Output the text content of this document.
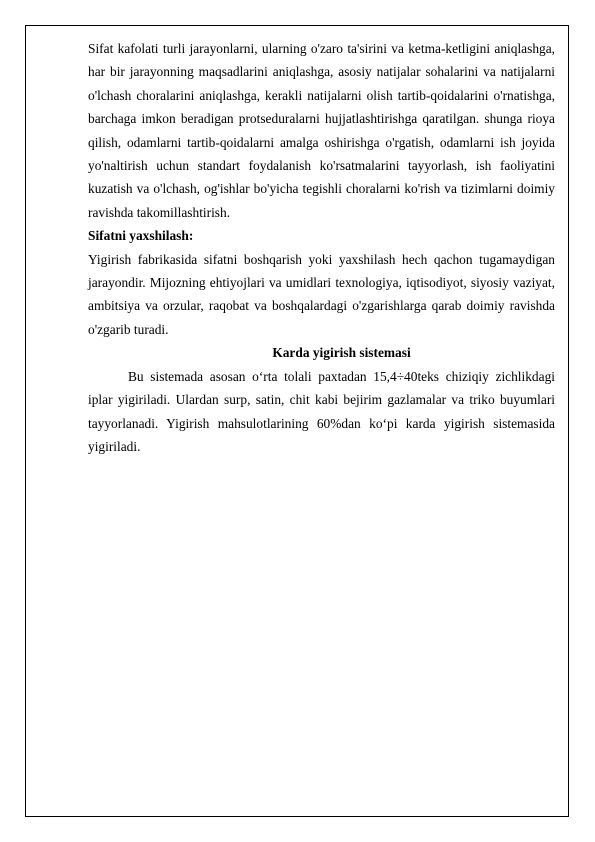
Sifat kafolati turli jarayonlarni, ularning o'zaro ta'sirini va ketma-ketligini aniqlashga, har bir jarayonning maqsadlarini aniqlashga, asosiy natijalar sohalarini va natijalarni o'lchash choralarini aniqlashga, kerakli natijalarni olish tartib-qoidalarini o'rnatishga, barchaga imkon beradigan protseduralarni hujjatlashtirishga qaratilgan. shunga rioya qilish, odamlarni tartib-qoidalarni amalga oshirishga o'rgatish, odamlarni ish joyida yo'naltirish uchun standart foydalanish ko'rsatmalarini tayyorlash, ish faoliyatini kuzatish va o'lchash, og'ishlar bo'yicha tegishli choralarni ko'rish va tizimlarni doimiy ravishda takomillashtirish.

Sifatni yaxshilash:

Yigirish fabrikasida sifatni boshqarish yoki yaxshilash hech qachon tugamaydigan jarayondir. Mijozning ehtiyojlari va umidlari texnologiya, iqtisodiyot, siyosiy vaziyat, ambitsiya va orzular, raqobat va boshqalardagi o'zgarishlarga qarab doimiy ravishda o'zgarib turadi.

Karda yigirish sistemasi

Bu sistemada asosan o‘rta tolali paxtadan 15,4÷40teks chiziqiy zichlikdagi iplar yigiriladi. Ulardan surp, satin, chit kabi bejirim gazlamalar va triko buyumlari tayyorlanadi. Yigirish mahsulotlarining 60%dan ko‘pi karda yigirish sistemasida yigiriladi.
